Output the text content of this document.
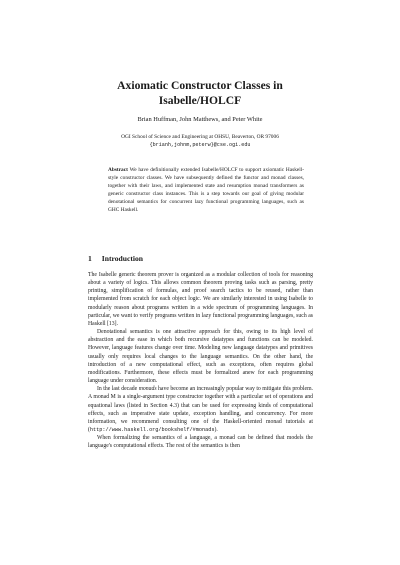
Axiomatic Constructor Classes in
Isabelle/HOLCF
Brian Huffman, John Matthews, and Peter White
OGI School of Science and Engineering at OHSU, Beaverton, OR 97006
{brianh,johnm,peterw}@cse.ogi.edu
Abstract We have definitionally extended Isabelle/HOLCF to support axiomatic Haskell-style constructor classes. We have subsequently defined the functor and monad classes, together with their laws, and implemented state and resumption monad transformers as generic constructor class instances. This is a step towards our goal of giving modular denotational semantics for concurrent lazy functional programming languages, such as GHC Haskell.
1 Introduction

The Isabelle generic theorem prover is organized as a modular collection of tools for reasoning about a variety of logics. This allows common theorem proving tasks such as parsing, pretty printing, simplification of formulas, and proof search tactics to be reused, rather than implemented from scratch for each object logic. We are similarly interested in using Isabelle to modularly reason about programs written in a wide spectrum of programming languages. In particular, we want to verify programs written in lazy functional programming languages, such as Haskell [13].

Denotational semantics is one attractive approach for this, owing to its high level of abstraction and the ease in which both recursive datatypes and functions can be modeled. However, language features change over time. Modeling new language datatypes and primitives usually only requires local changes to the language semantics. On the other hand, the introduction of a new computational effect, such as exceptions, often requires global modifications. Furthermore, these effects must be formalized anew for each programming language under consideration.

In the last decade monads have become an increasingly popular way to mitigate this problem. A monad M is a single-argument type constructor together with a particular set of operations and equational laws (listed in Section 4.3) that can be used for expressing kinds of computational effects, such as imperative state update, exception handling, and concurrency. For more information, we recommend consulting one of the Haskell-oriented monad tutorials at (http://www.haskell.org/bookshelf/#monads).

When formalizing the semantics of a language, a monad can be defined that models the language's computational effects. The rest of the semantics is then
